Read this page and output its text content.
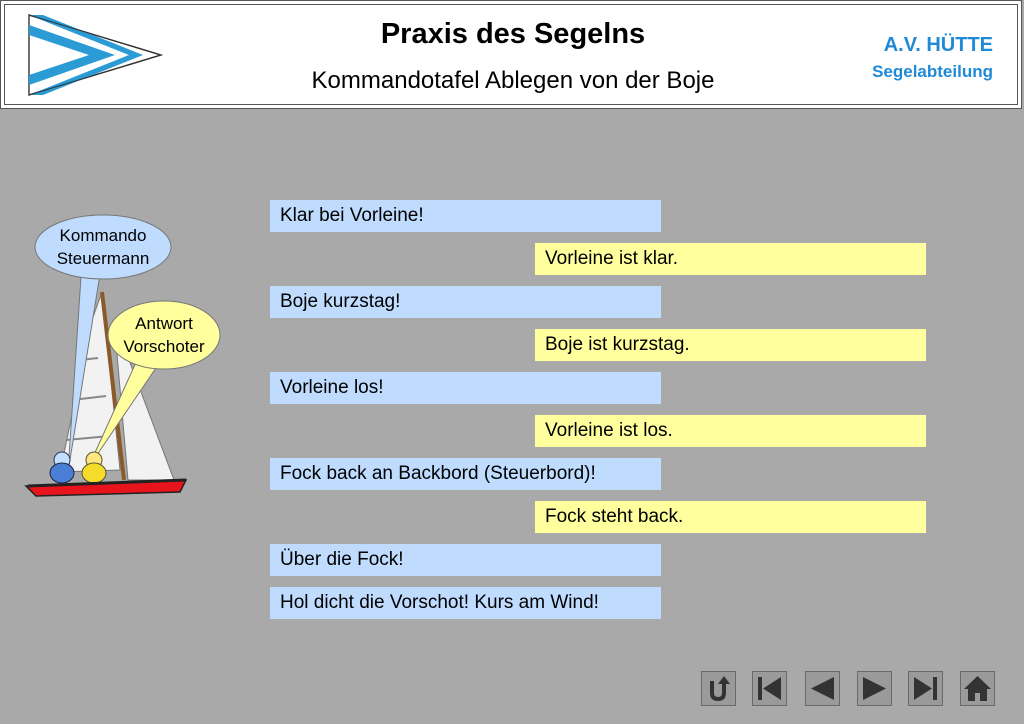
Praxis des Segelns
Kommandotafel Ablegen von der Boje
A.V. HÜTTE
Segelabteilung
Kommando
Steuermann
Antwort
Vorschoter
Klar bei Vorleine!
Vorleine ist klar.
Boje kurzstag!
Boje ist kurzstag.
Vorleine los!
Vorleine ist los.
Fock back an Backbord (Steuerbord)!
Fock steht back.
Über die Fock!
Hol dicht die Vorschot! Kurs am Wind!
